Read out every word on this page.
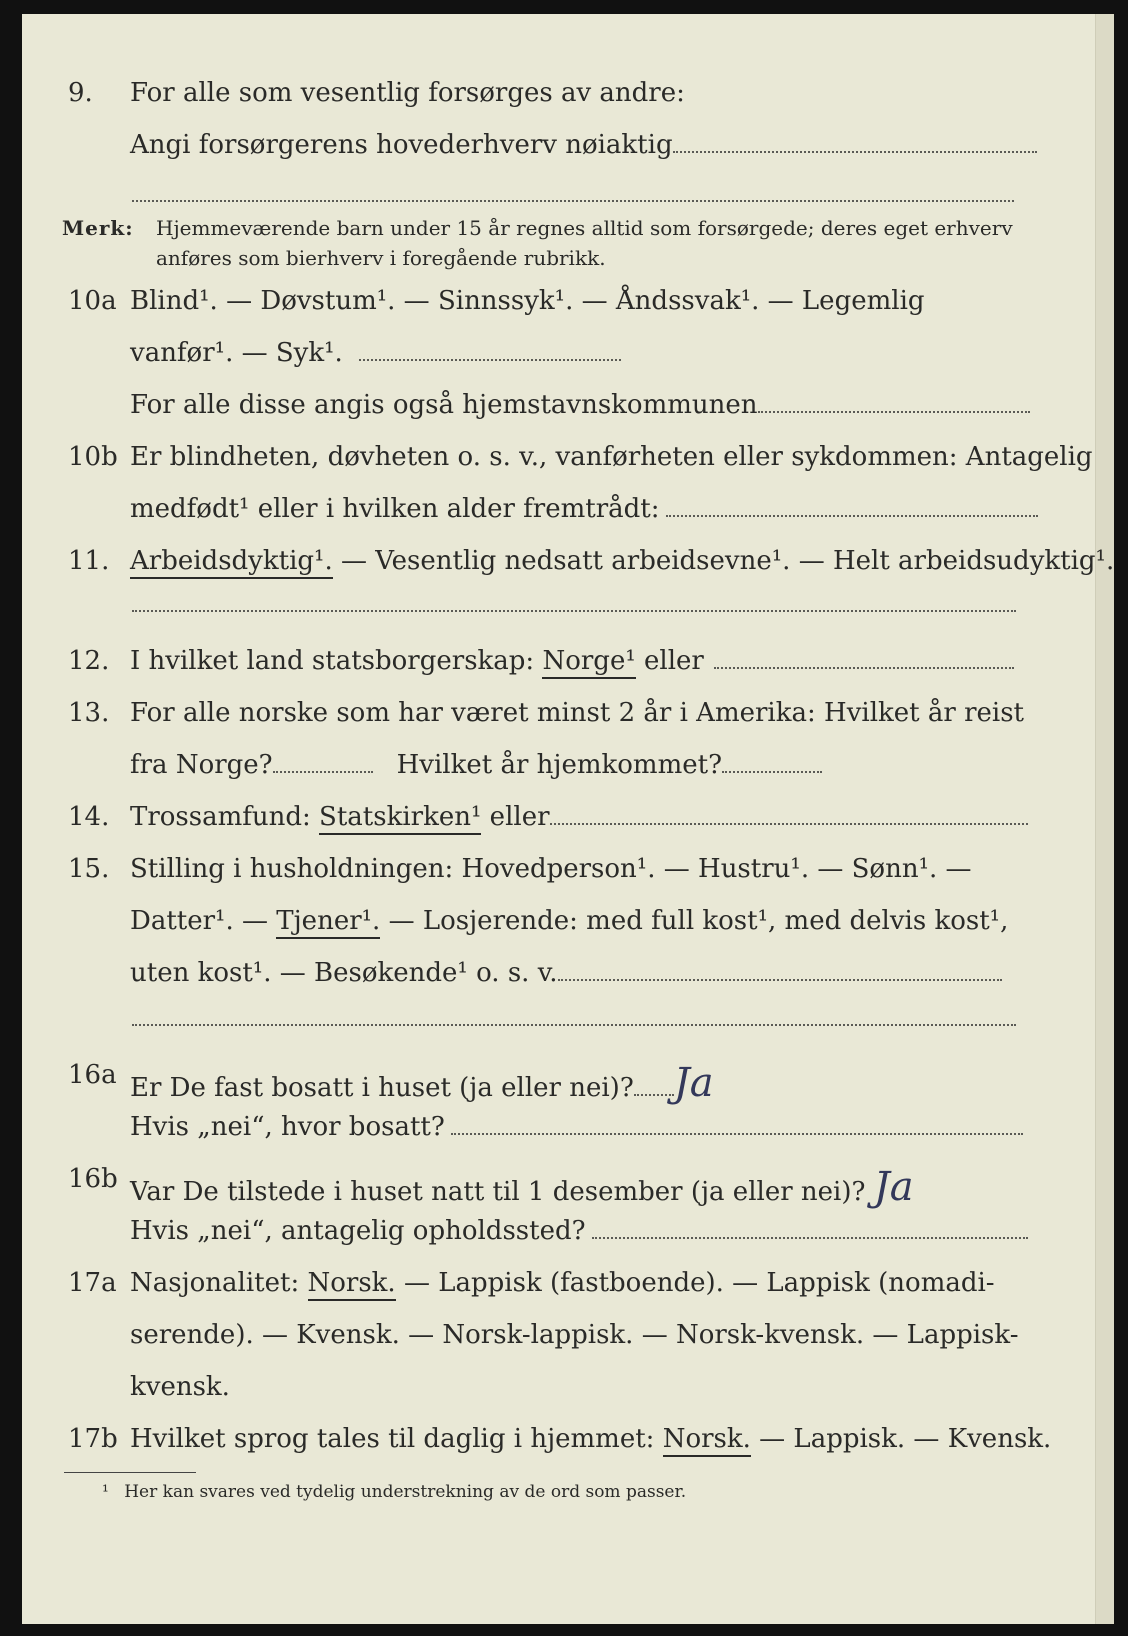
9. For alle som vesentlig forsørges av andre:
Angi forsørgerens hovederhverv nøiaktig
Merk: Hjemmeværende barn under 15 år regnes alltid som forsørgede; deres eget erhverv
anføres som bierhverv i foregående rubrikk.
10a Blind¹. — Døvstum¹. — Sinnssyk¹. — Åndssvak¹. — Legemlig
vanfør¹. — Syk¹.
For alle disse angis også hjemstavnskommunen
10b Er blindheten, døvheten o. s. v., vanførheten eller sykdommen: Antagelig
medfødt¹ eller i hvilken alder fremtrådt:
11. Arbeidsdyktig¹. — Vesentlig nedsatt arbeidsevne¹. — Helt arbeidsudyktig¹.
12. I hvilket land statsborgerskap: Norge¹ eller
13. For alle norske som har været minst 2 år i Amerika: Hvilket år reist
fra Norge?	Hvilket år hjemkommet?
14. Trossamfund: Statskirken¹ eller
15. Stilling i husholdningen: Hovedperson¹. — Hustru¹. — Sønn¹. —
Datter¹. — Tjener¹. — Losjerende: med full kost¹, med delvis kost¹,
uten kost¹. — Besøkende¹ o. s. v.
16a Er De fast bosatt i huset (ja eller nei)? Ja
Hvis „nei“, hvor bosatt?
16b Var De tilstede i huset natt til 1 desember (ja eller nei)? Ja
Hvis „nei“, antagelig opholdssted?
17a Nasjonalitet: Norsk. — Lappisk (fastboende). — Lappisk (nomadi-
serende). — Kvensk. — Norsk-lappisk. — Norsk-kvensk. — Lappisk-
kvensk.
17b Hvilket sprog tales til daglig i hjemmet: Norsk. — Lappisk. — Kvensk.
¹ Her kan svares ved tydelig understrekning av de ord som passer.
